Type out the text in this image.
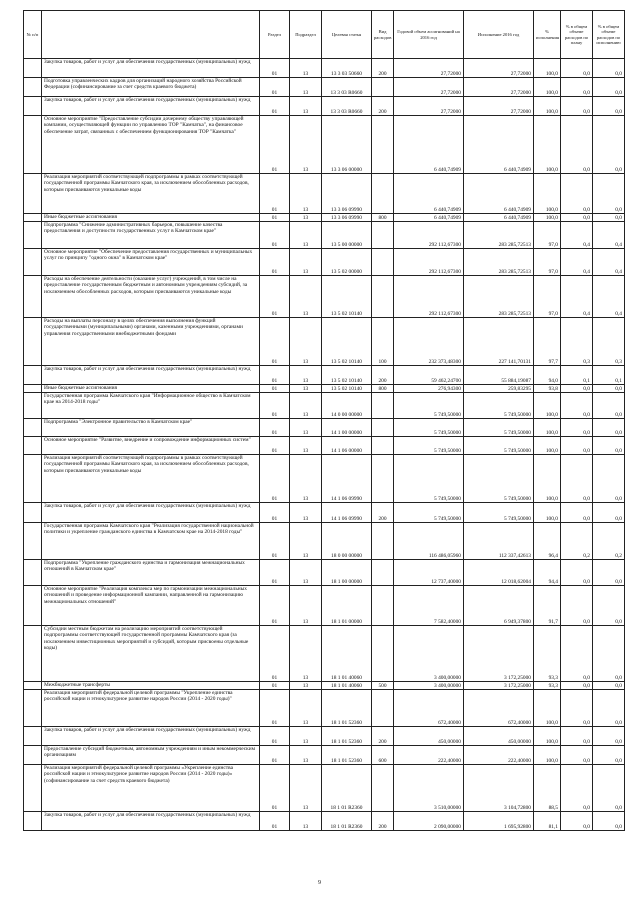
№ п/п		Раздел	Подраздел	Целевая статья	Вид расходов	Годовой объем ассигнований на 2016 год	Исполнение 2016 год	% исполнения	% в общем объеме расходов по плану	% в общем объеме расходов по исполнению
	Закупка товаров, работ и услуг для обеспечения государственных (муниципальных) нужд	01	13	13 3 03 50660	200	27,72000	27,72000	100,0	0,0	0,0
	Подготовка управленческих кадров для организаций народного хозяйства Российской Федерации (софинансирование за счет средств краевого бюджета)	01	13	13 3 03 R0660		27,72000	27,72000	100,0	0,0	0,0
	Закупка товаров, работ и услуг для обеспечения государственных (муниципальных) нужд	01	13	13 3 03 R0660	200	27,72000	27,72000	100,0	0,0	0,0
	Основное мероприятие "Предоставление субсидии дочернему обществу управляющей компании, осуществляющей функции по управлению ТОР "Камчатка", на финансовое обеспечение затрат, связанных с обеспечением функционирования ТОР "Камчатка"	01	13	13 3 06 00000		6 440,74909	6 440,74909	100,0	0,0	0,0
	Реализация мероприятий соответствующей подпрограммы в рамках соответствующей государственной программы Камчатского края, за исключением обособленных расходов, которым присваиваются уникальные коды	01	13	13 3 06 09990		6 440,74909	6 440,74909	100,0	0,0	0,0
	Иные бюджетные ассигнования	01	13	13 3 06 09990	800	6 440,74909	6 440,74909	100,0	0,0	0,0
	Подпрограмма "Снижение административных барьеров, повышение качества предоставления и доступности государственных услуг в Камчатском крае"	01	13	13 5 00 00000		292 112,67300	283 285,72513	97,0	0,4	0,4
	Основное мероприятие "Обеспечение предоставления государственных и муниципальных услуг по принципу "одного окна" в Камчатском крае"	01	13	13 5 02 00000		292 112,67300	283 285,72513	97,0	0,4	0,4
	Расходы на обеспечение деятельности (оказание услуг) учреждений, в том числе на предоставление государственным бюджетным и автономным учреждениям субсидий, за исключением обособленных расходов, которым присваиваются уникальные коды	01	13	13 5 02 10140		292 112,67300	283 285,72513	97,0	0,4	0,4
	Расходы на выплаты персоналу в целях обеспечения выполнения функций государственными (муниципальными) органами, казенными учреждениями, органами управления государственными внебюджетными фондами	01	13	13 5 02 10140	100	232 373,48300	227 141,70131	97,7	0,3	0,3
	Закупка товаров, работ и услуг для обеспечения государственных (муниципальных) нужд	01	13	13 5 02 10140	200	59 462,24700	55 884,19087	94,0	0,1	0,1
	Иные бюджетные ассигнования	01	13	13 5 02 10140	800	276,94300	259,83295	93,8	0,0	0,0
	Государственная программа Камчатского края "Информационное общество в Камчатском крае на 2014-2018 годы"	01	13	14 0 00 00000		5 749,50000	5 749,50000	100,0	0,0	0,0
	Подпрограмма "Электронное правительство в Камчатском крае"	01	13	14 1 00 00000		5 749,50000	5 749,50000	100,0	0,0	0,0
	Основное мероприятие "Развитие, внедрение и сопровождение информационных систем"	01	13	14 1 06 00000		5 749,50000	5 749,50000	100,0	0,0	0,0
	Реализация мероприятий соответствующей подпрограммы в рамках соответствующей государственной программы Камчатского края, за исключением обособленных расходов, которым присваиваются уникальные коды	01	13	14 1 06 09990		5 749,50000	5 749,50000	100,0	0,0	0,0
	Закупка товаров, работ и услуг для обеспечения государственных (муниципальных) нужд	01	13	14 1 06 09990	200	5 749,50000	5 749,50000	100,0	0,0	0,0
	Государственная программа Камчатского края "Реализация государственной национальной политики и укрепление гражданского единства в Камчатском крае на 2014-2018 годы"	01	13	18 0 00 00000		116 486,05960	112 337,42613	96,4	0,2	0,2
	Подпрограмма "Укрепление гражданского единства и гармонизация межнациональных отношений в Камчатском крае"	01	13	18 1 00 00000		12 737,40000	12 018,62004	94,4	0,0	0,0
	Основное мероприятие "Реализация комплекса мер по гармонизации межнациональных отношений и проведение информационной кампании, направленной на гармонизацию межнациональных отношений"	01	13	18 1 01 00000		7 582,40000	6 949,37800	91,7	0,0	0,0
	Субсидии местным бюджетам на реализацию мероприятий соответствующей подпрограммы соответствующей государственной программы Камчатского края (за исключением инвестиционных мероприятий и субсидий, которым присвоены отдельные коды)	01	13	18 1 01 40060		3 400,00000	3 172,25000	93,3	0,0	0,0
	Межбюджетные трансферты	01	13	18 1 01 40060	500	3 400,00000	3 172,25000	93,3	0,0	0,0
	Реализация мероприятий федеральной целевой программы "Укрепление единства российской нации и этнокультурное развитие народов России (2014 - 2020 годы)"	01	13	18 1 01 52360		672,40000	672,40000	100,0	0,0	0,0
	Закупка товаров, работ и услуг для обеспечения государственных (муниципальных) нужд	01	13	18 1 01 52360	200	450,00000	450,00000	100,0	0,0	0,0
	Предоставление субсидий бюджетным, автономным учреждениям и иным некоммерческим организациям	01	13	18 1 01 52360	600	222,40000	222,40000	100,0	0,0	0,0
	Реализация мероприятий федеральной целевой программы «Укрепление единства российской нации и этнокультурное развитие народов России (2014 - 2020 годы)» (софинансирование за счет средств краевого бюджета)	01	13	18 1 01 R2360		3 510,00000	3 104,72800	88,5	0,0	0,0
	Закупка товаров, работ и услуг для обеспечения государственных (муниципальных) нужд	01	13	18 1 01 R2360	200	2 090,00000	1 695,92800	81,1	0,0	0,0
9
